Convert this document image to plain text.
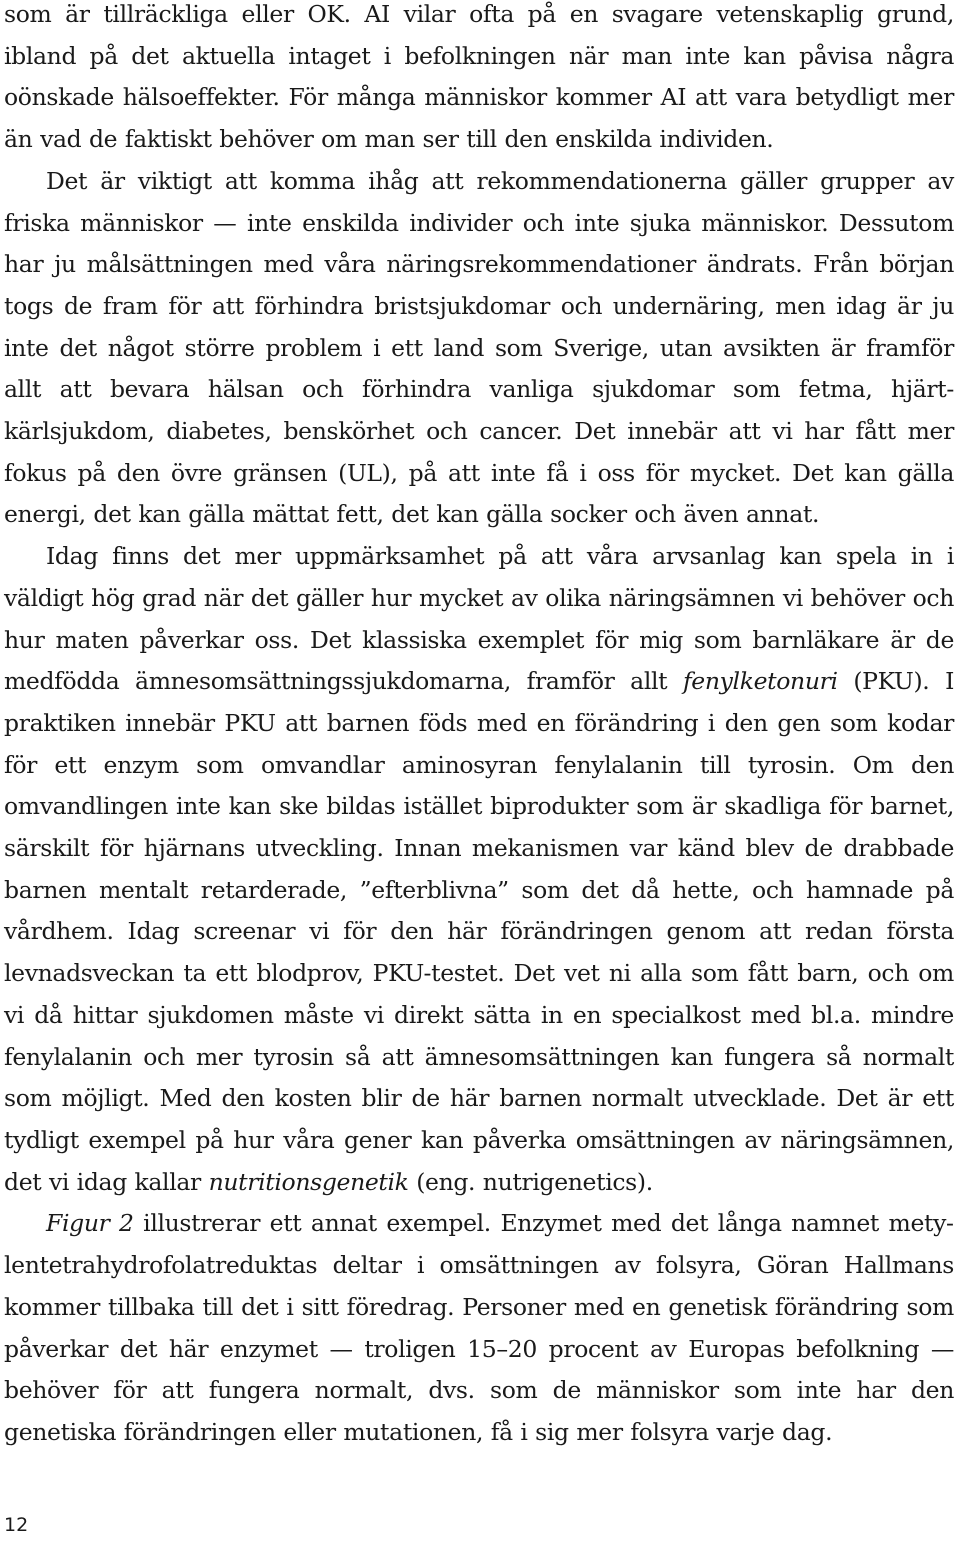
som är tillräckliga eller OK. AI vilar ofta på en svagare vetenskaplig grund, ibland på det aktuella intaget i befolkningen när man inte kan påvisa några oönskade hälsoeffekter. För många människor kommer AI att vara betydligt mer än vad de faktiskt behöver om man ser till den enskilda individen.

Det är viktigt att komma ihåg att rekommendationerna gäller grupper av friska människor — inte enskilda individer och inte sjuka människor. Dessutom har ju målsättningen med våra näringsrekommendationer ändrats. Från början togs de fram för att förhindra bristsjukdomar och undernäring, men idag är ju inte det något större problem i ett land som Sverige, utan avsikten är framför allt att bevara hälsan och förhindra vanliga sjukdomar som fetma, hjärt-kärlsjukdom, diabetes, benskörhet och cancer. Det innebär att vi har fått mer fokus på den övre gränsen (UL), på att inte få i oss för mycket. Det kan gälla energi, det kan gälla mättat fett, det kan gälla socker och även annat.

Idag finns det mer uppmärksamhet på att våra arvsanlag kan spela in i väldigt hög grad när det gäller hur mycket av olika näringsämnen vi behöver och hur maten påverkar oss. Det klassiska exemplet för mig som barnläkare är de medfödda ämnesomsättningssjukdomarna, framför allt fenylketonuri (PKU). I praktiken innebär PKU att barnen föds med en förändring i den gen som kodar för ett enzym som omvandlar aminosyran fenylalanin till tyrosin. Om den omvandlingen inte kan ske bildas istället biprodukter som är skadliga för barnet, särskilt för hjärnans utveckling. Innan mekanismen var känd blev de drabbade barnen mentalt retarderade, ”efterblivna” som det då hette, och hamnade på vårdhem. Idag screenar vi för den här förändringen genom att redan första levnadsveckan ta ett blodprov, PKU-testet. Det vet ni alla som fått barn, och om vi då hittar sjukdomen måste vi direkt sätta in en specialkost med bl.a. mindre fenylalanin och mer tyrosin så att ämnesomsättningen kan fungera så normalt som möjligt. Med den kosten blir de här barnen normalt utvecklade. Det är ett tydligt exempel på hur våra gener kan påverka omsättningen av näringsämnen, det vi idag kallar nutritionsgenetik (eng. nutrigenetics).

Figur 2 illustrerar ett annat exempel. Enzymet med det långa namnet metylentetrahydrofolatreduktas deltar i omsättningen av folsyra, Göran Hallmans kommer tillbaka till det i sitt föredrag. Personer med en genetisk förändring som påverkar det här enzymet — troligen 15–20 procent av Europas befolkning — behöver för att fungera normalt, dvs. som de människor som inte har den genetiska förändringen eller mutationen, få i sig mer folsyra varje dag.

12
